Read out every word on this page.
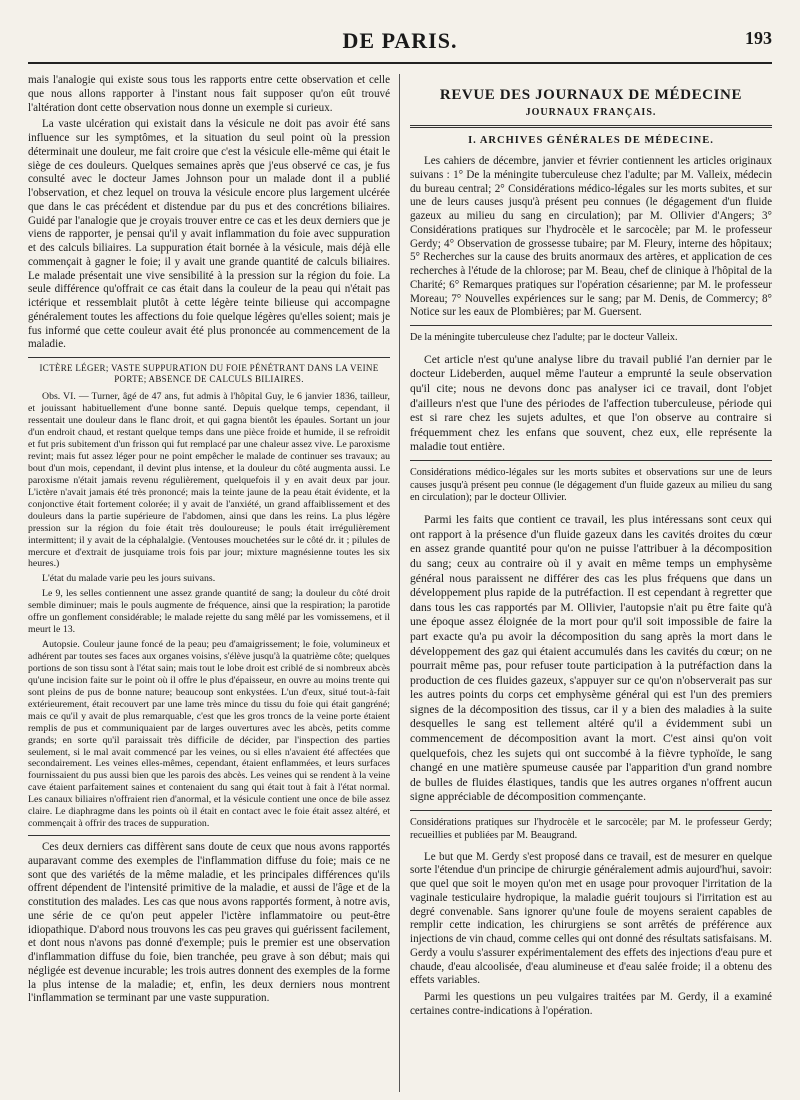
DE PARIS.	193

mais l'analogie qui existe sous tous les rapports entre cette observation et celle que nous allons rapporter à l'instant nous fait supposer qu'on eût trouvé l'altération dont cette observation nous donne un exemple si curieux.

La vaste ulcération qui existait dans la vésicule ne doit pas avoir été sans influence sur les symptômes, et la situation du seul point où la pression déterminait une douleur, me fait croire que c'est la vésicule elle-même qui était le siège de ces douleurs. Quelques semaines après que j'eus observé ce cas, je fus consulté avec le docteur James Johnson pour un malade dont il a publié l'observation, et chez lequel on trouva la vésicule encore plus largement ulcérée que dans le cas précédent et distendue par du pus et des concrétions biliaires. Guidé par l'analogie que je croyais trouver entre ce cas et les deux derniers que je viens de rapporter, je pensai qu'il y avait inflammation du foie avec suppuration et des calculs biliaires. La suppuration était bornée à la vésicule, mais déjà elle commençait à gagner le foie; il y avait une grande quantité de calculs biliaires. Le malade présentait une vive sensibilité à la pression sur la région du foie. La seule différence qu'offrait ce cas était dans la couleur de la peau qui n'était pas ictérique et ressemblait plutôt à cette légère teinte bilieuse qui accompagne généralement toutes les affections du foie quelque légères qu'elles soient; mais je fus informé que cette couleur avait été plus prononcée au commencement de la maladie.

ICTÈRE LÉGER; VASTE SUPPURATION DU FOIE PÉNÉTRANT DANS LA VEINE PORTE; ABSENCE DE CALCULS BILIAIRES.

Obs. VI. — Turner, âgé de 47 ans, fut admis à l'hôpital Guy, le 6 janvier 1836, tailleur, et jouissant habituellement d'une bonne santé. Depuis quelque temps, cependant, il ressentait une douleur dans le flanc droit, et qui gagna bientôt les épaules. Sortant un jour d'un endroit chaud, et restant quelque temps dans une pièce froide et humide, il se refroidit et fut pris subitement d'un frisson qui fut remplacé par une chaleur assez vive. Le paroxisme revint; mais fut assez léger pour ne point empêcher le malade de continuer ses travaux; au bout d'un mois, cependant, il devint plus intense, et la douleur du côté augmenta aussi. Le paroxisme n'était jamais revenu régulièrement, quelquefois il y en avait deux par jour. L'ictère n'avait jamais été très prononcé; mais la teinte jaune de la peau était évidente, et la conjonctive était fortement colorée; il y avait de l'anxiété, un grand affaiblissement et des douleurs dans la partie supérieure de l'abdomen, ainsi que dans les reins. La plus légère pression sur la région du foie était très douloureuse; le pouls était irrégulièrement intermittent; il y avait de la céphalalgie. (Ventouses mouchetées sur le côté dr. it ; pilules de mercure et d'extrait de jusquiame trois fois par jour; mixture magnésienne toutes les six heures.)

L'état du malade varie peu les jours suivans.

Le 9, les selles contiennent une assez grande quantité de sang; la douleur du côté droit semble diminuer; mais le pouls augmente de fréquence, ainsi que la respiration; la parotide offre un gonflement considérable; le malade rejette du sang mêlé par les vomissemens, et il meurt le 13.

Autopsie. Couleur jaune foncé de la peau; peu d'amaigrissement; le foie, volumineux et adhérent par toutes ses faces aux organes voisins, s'élève jusqu'à la quatrième côte; quelques portions de son tissu sont à l'état sain; mais tout le lobe droit est criblé de si nombreux abcès qu'une incision faite sur le point où il offre le plus d'épaisseur, en ouvre au moins trente qui sont pleins de pus de bonne nature; beaucoup sont enkystées. L'un d'eux, situé tout-à-fait extérieurement, était recouvert par une lame très mince du tissu du foie qui était gangréné; mais ce qu'il y avait de plus remarquable, c'est que les gros troncs de la veine porte étaient remplis de pus et communiquaient par de larges ouvertures avec les abcès, petits comme grands; en sorte qu'il paraissait très difficile de décider, par l'inspection des parties seulement, si le mal avait commencé par les veines, ou si elles n'avaient été affectées que secondairement. Les veines elles-mêmes, cependant, étaient enflammées, et leurs surfaces fournissaient du pus aussi bien que les parois des abcès. Les veines qui se rendent à la veine cave étaient parfaitement saines et contenaient du sang qui était tout à fait à l'état normal. Les canaux biliaires n'offraient rien d'anormal, et la vésicule contient une once de bile assez claire. Le diaphragme dans les points où il était en contact avec le foie était assez altéré, et commençait à offrir des traces de suppuration.

Ces deux derniers cas diffèrent sans doute de ceux que nous avons rapportés auparavant comme des exemples de l'inflammation diffuse du foie; mais ce ne sont que des variétés de la même maladie, et les principales différences qu'ils offrent dépendent de l'intensité primitive de la maladie, et aussi de l'âge et de la constitution des malades. Les cas que nous avons rapportés forment, à notre avis, une série de ce qu'on peut appeler l'ictère inflammatoire ou peut-être idiopathique. D'abord nous trouvons les cas peu graves qui guérissent facilement, et dont nous n'avons pas donné d'exemple; puis le premier est une observation d'inflammation diffuse du foie, bien tranchée, peu grave à son début; mais qui négligée est devenue incurable; les trois autres donnent des exemples de la forme la plus intense de la maladie; et, enfin, les deux derniers nous montrent l'inflammation se terminant par une vaste suppuration.

REVUE DES JOURNAUX DE MÉDECINE
JOURNAUX FRANÇAIS.
I. ARCHIVES GÉNÉRALES DE MÉDECINE.

Les cahiers de décembre, janvier et février contiennent les articles originaux suivans : 1° De la méningite tuberculeuse chez l'adulte; par M. Valleix, médecin du bureau central; 2° Considérations médico-légales sur les morts subites, et sur une de leurs causes jusqu'à présent peu connues (le dégagement d'un fluide gazeux au milieu du sang en circulation); par M. Ollivier d'Angers; 3° Considérations pratiques sur l'hydrocèle et le sarcocèle; par M. le professeur Gerdy; 4° Observation de grossesse tubaire; par M. Fleury, interne des hôpitaux; 5° Recherches sur la cause des bruits anormaux des artères, et application de ces recherches à l'étude de la chlorose; par M. Beau, chef de clinique à l'hôpital de la Charité; 6° Remarques pratiques sur l'opération césarienne; par M. le professeur Moreau; 7° Nouvelles expériences sur le sang; par M. Denis, de Commercy; 8° Notice sur les eaux de Plombières; par M. Guersent.

De la méningite tuberculeuse chez l'adulte; par le docteur Valleix.

Cet article n'est qu'une analyse libre du travail publié l'an dernier par le docteur Lideberden, auquel même l'auteur a emprunté la seule observation qu'il cite; nous ne devons donc pas analyser ici ce travail, dont l'objet d'ailleurs n'est que l'une des périodes de l'affection tuberculeuse, période qui est si rare chez les sujets adultes, et que l'on observe au contraire si fréquemment chez les enfans que souvent, chez eux, elle représente la maladie tout entière.

Considérations médico-légales sur les morts subites et observations sur une de leurs causes jusqu'à présent peu connue (le dégagement d'un fluide gazeux au milieu du sang en circulation); par le docteur Ollivier.

Parmi les faits que contient ce travail, les plus intéressans sont ceux qui ont rapport à la présence d'un fluide gazeux dans les cavités droites du cœur en assez grande quantité pour qu'on ne puisse l'attribuer à la décomposition du sang; ceux au contraire où il y avait en même temps un emphysème général nous paraissent ne différer des cas les plus fréquens que dans un développement plus rapide de la putréfaction. Il est cependant à regretter que dans tous les cas rapportés par M. Ollivier, l'autopsie n'ait pu être faite qu'à une époque assez éloignée de la mort pour qu'il soit impossible de faire la part exacte qu'a pu avoir la décomposition du sang après la mort dans le développement des gaz qui étaient accumulés dans les cavités du cœur; on ne pourrait même pas, pour refuser toute participation à la putréfaction dans la production de ces fluides gazeux, s'appuyer sur ce qu'on n'observerait pas sur les autres points du corps cet emphysème général qui est l'un des premiers signes de la décomposition des tissus, car il y a bien des maladies à la suite desquelles le sang est tellement altéré qu'il a évidemment subi un commencement de décomposition avant la mort. C'est ainsi qu'on voit quelquefois, chez les sujets qui ont succombé à la fièvre typhoïde, le sang changé en une matière spumeuse causée par l'apparition d'un grand nombre de bulles de fluides élastiques, tandis que les autres organes n'offrent aucun signe appréciable de décomposition commençante.

Considérations pratiques sur l'hydrocèle et le sarcocèle; par M. le professeur Gerdy; recueillies et publiées par M. Beaugrand.

Le but que M. Gerdy s'est proposé dans ce travail, est de mesurer en quelque sorte l'étendue d'un principe de chirurgie généralement admis aujourd'hui, savoir: que quel que soit le moyen qu'on met en usage pour provoquer l'irritation de la vaginale testiculaire hydropique, la maladie guérit toujours si l'irritation est au degré convenable. Sans ignorer qu'une foule de moyens seraient capables de remplir cette indication, les chirurgiens se sont arrêtés de préférence aux injections de vin chaud, comme celles qui ont donné des résultats satisfaisans. M. Gerdy a voulu s'assurer expérimentalement des effets des injections d'eau pure et chaude, d'eau alcoolisée, d'eau alumineuse et d'eau salée froide; il a obtenu des effets variables.

Parmi les questions un peu vulgaires traitées par M. Gerdy, il a examiné certaines contre-indications à l'opération.
